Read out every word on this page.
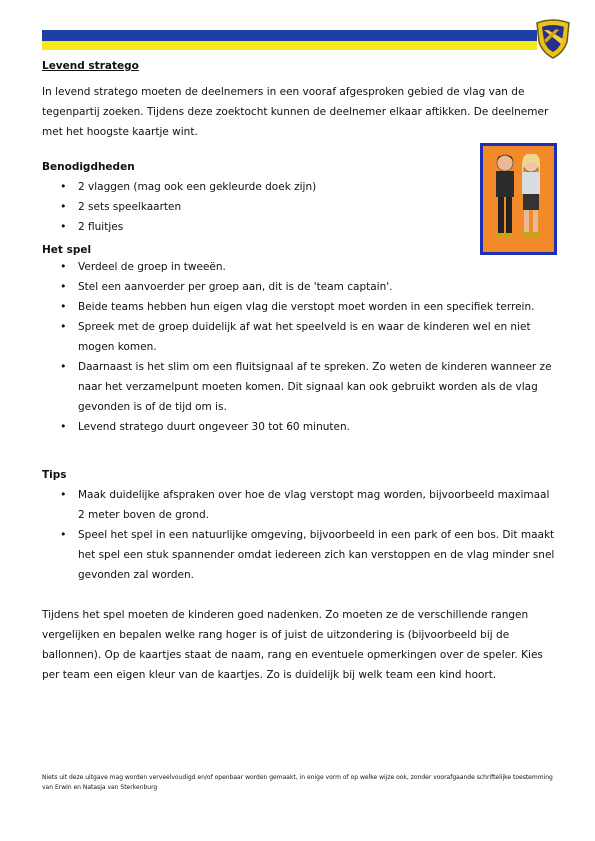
Levend stratego

In levend stratego moeten de deelnemers in een vooraf afgesproken gebied de vlag van de tegenpartij zoeken. Tijdens deze zoektocht kunnen de deelnemer elkaar aftikken. De deelnemer met het hoogste kaartje wint.

Benodigdheden

• 2 vlaggen (mag ook een gekleurde doek zijn)
• 2 sets speelkaarten
• 2 fluitjes

Het spel

• Verdeel de groep in tweeën.
• Stel een aanvoerder per groep aan, dit is de 'team captain'.
• Beide teams hebben hun eigen vlag die verstopt moet worden in een specifiek terrein.
• Spreek met de groep duidelijk af wat het speelveld is en waar de kinderen wel en niet mogen komen.
• Daarnaast is het slim om een fluitsignaal af te spreken. Zo weten de kinderen wanneer ze naar het verzamelpunt moeten komen. Dit signaal kan ook gebruikt worden als de vlag gevonden is of de tijd om is.
• Levend stratego duurt ongeveer 30 tot 60 minuten.

Tips

• Maak duidelijke afspraken over hoe de vlag verstopt mag worden, bijvoorbeeld maximaal 2 meter boven de grond.
• Speel het spel in een natuurlijke omgeving, bijvoorbeeld in een park of een bos. Dit maakt het spel een stuk spannender omdat iedereen zich kan verstoppen en de vlag minder snel gevonden zal worden.

Tijdens het spel moeten de kinderen goed nadenken. Zo moeten ze de verschillende rangen vergelijken en bepalen welke rang hoger is of juist de uitzondering is (bijvoorbeeld bij de ballonnen). Op de kaartjes staat de naam, rang en eventuele opmerkingen over de speler. Kies per team een eigen kleur van de kaartjes. Zo is duidelijk bij welk team een kind hoort.

Niets uit deze uitgave mag worden verveelvoudigd en/of openbaar worden gemaakt, in enige vorm of op welke wijze ook, zonder voorafgaande schriftelijke toestemming van Erwin en Natasja van Sterkenburg
